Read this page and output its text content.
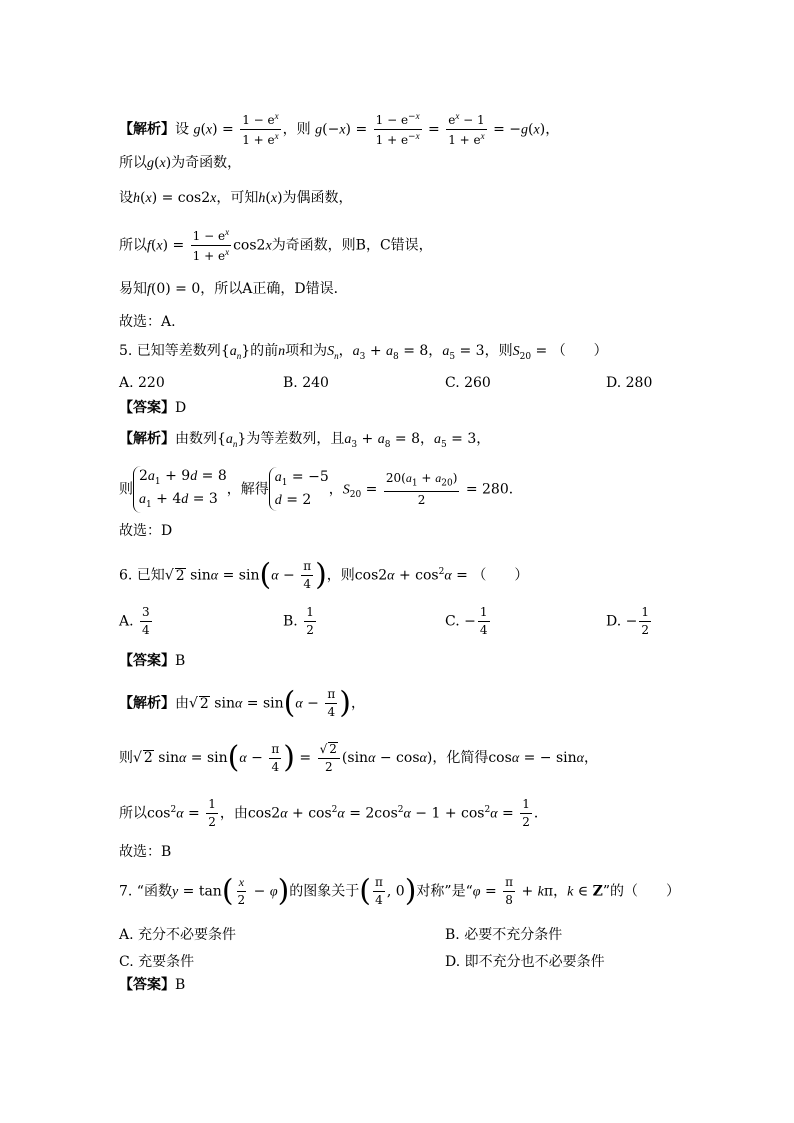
【解析】设 $g(x) = \frac{1 - e^x}{1 + e^x}$ ，则 $g(-x) = \frac{1 - e^{-x}}{1 + e^{-x}} = \frac{e^x - 1}{1 + e^x} = -g(x)$，
所以g(x)为奇函数，
设h(x) = cos2x，可知h(x)为偶函数，
所以$f(x) = \frac{1 - e^x}{1 + e^x} \cos 2x$为奇函数，则B，C错误，
易知f(0) = 0，所以A正确，D错误．
故选：A.
5. 已知等差数列$\{a_n\}$的前n项和为$S_n$，$a_3 + a_8 = 8$，$a_5 = 3$，则$S_{20}$ = （　　）
A. 220	B. 240	C. 260	D. 280
【答案】D
【解析】由数列$\{a_n\}$为等差数列，且$a_3 + a_8 = 8$，$a_5 = 3$，
则$2a_1 + 9d = 8$
$a_1 + 4d = 3$，解得$a_1 = -5$
d = 2，$S_{20} = \frac{20(a_1 + a_{20})}{2} = 280$．
故选：D
6. 已知√ 2 $\sin\alpha = \sin(\alpha - \frac{\pi}{4}$ )，则$\cos 2\alpha + \cos^2\alpha$ = （　　）
A. $\frac{3}{4}$	B. $\frac{1}{2}$	C. − $\frac{1}{4}$	D. − $\frac{1}{2}$
【答案】B
【解析】由√ 2 $\sin\alpha = \sin(\alpha - \frac{\pi}{4}$ )，
则√ 2 $\sin\alpha = \sin(\alpha - \frac{\pi}{4}$ ) = $\frac{√ 2}{2} (\sin\alpha - \cos\alpha)$，化简得cosα = − sinα，
所以$\cos^2\alpha = \frac{1}{2}$ ，由$\cos 2\alpha + \cos^2\alpha = 2\cos^2\alpha - 1 + \cos^2\alpha = \frac{1}{2}$ ．
故选：B
7. “函数$y = \tan( \frac{x}{2} - \varphi)$的图象关于( $\frac{\pi}{4}$ , 0)对称”是“$\varphi = \frac{\pi}{8} + k\pi$，k ∈ Z”的（　　）
A. 充分不必要条件	B. 必要不充分条件
C. 充要条件	D. 即不充分也不必要条件
【答案】B
